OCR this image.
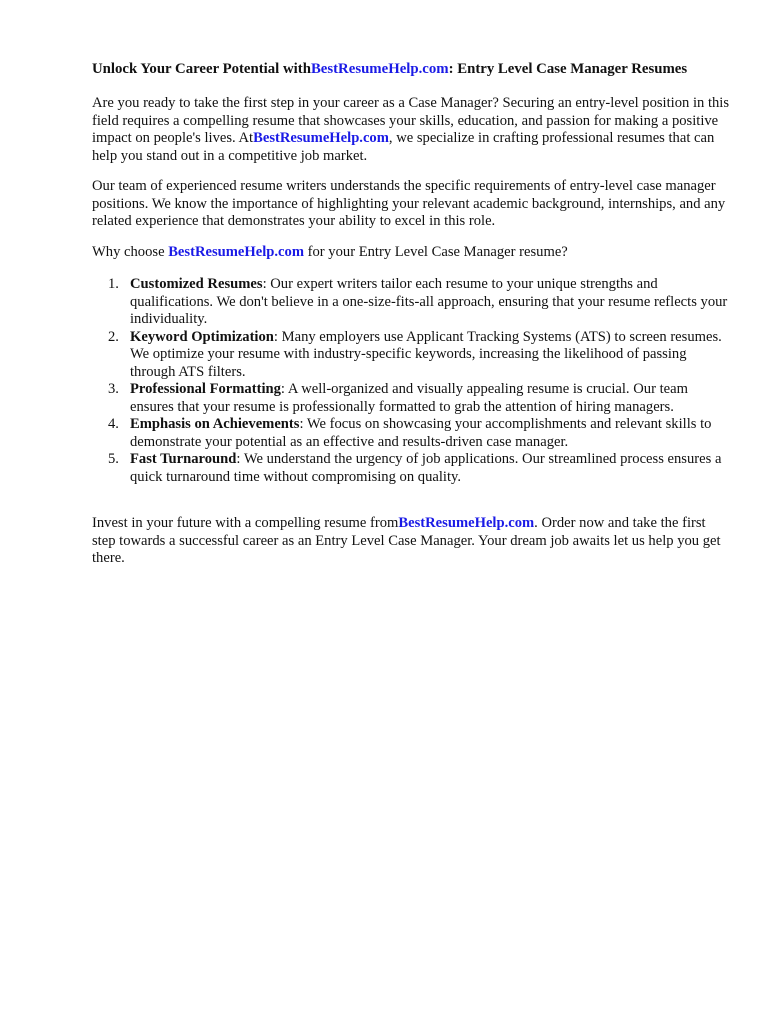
Unlock Your Career Potential withBestResumeHelp.com: Entry Level Case Manager Resumes

Are you ready to take the first step in your career as a Case Manager? Securing an entry-level position in this field requires a compelling resume that showcases your skills, education, and passion for making a positive impact on people's lives. AtBestResumeHelp.com, we specialize in crafting professional resumes that can help you stand out in a competitive job market.

Our team of experienced resume writers understands the specific requirements of entry-level case manager positions. We know the importance of highlighting your relevant academic background, internships, and any related experience that demonstrates your ability to excel in this role.

Why choose BestResumeHelp.com for your Entry Level Case Manager resume?

1. Customized Resumes: Our expert writers tailor each resume to your unique strengths and qualifications. We don't believe in a one-size-fits-all approach, ensuring that your resume reflects your individuality.
2. Keyword Optimization: Many employers use Applicant Tracking Systems (ATS) to screen resumes. We optimize your resume with industry-specific keywords, increasing the likelihood of passing through ATS filters.
3. Professional Formatting: A well-organized and visually appealing resume is crucial. Our team ensures that your resume is professionally formatted to grab the attention of hiring managers.
4. Emphasis on Achievements: We focus on showcasing your accomplishments and relevant skills to demonstrate your potential as an effective and results-driven case manager.
5. Fast Turnaround: We understand the urgency of job applications. Our streamlined process ensures a quick turnaround time without compromising on quality.

Invest in your future with a compelling resume fromBestResumeHelp.com. Order now and take the first step towards a successful career as an Entry Level Case Manager. Your dream job awaits let us help you get there.
